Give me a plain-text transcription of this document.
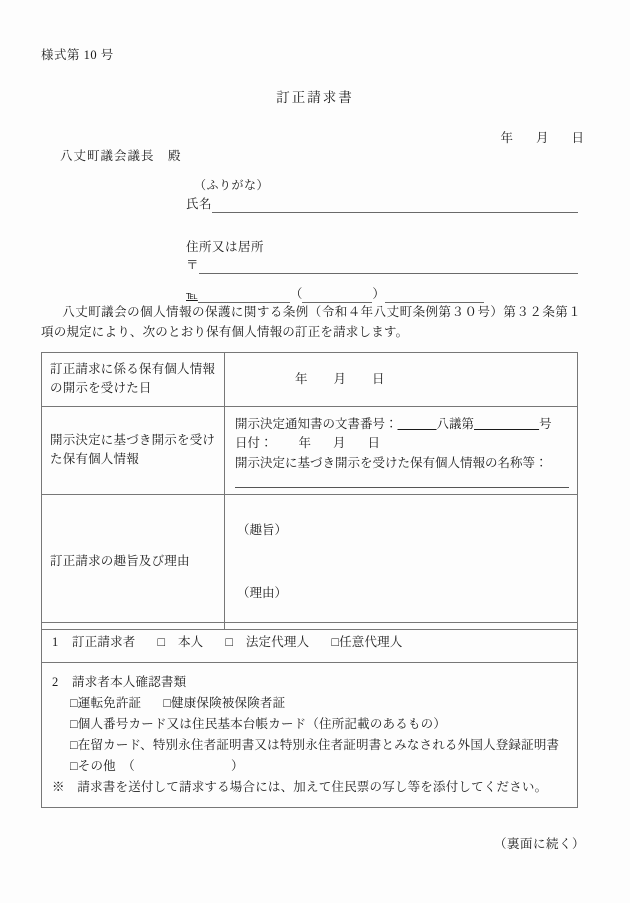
様式第 10 号
訂正請求書
年 月 日
八丈町議会議長　殿
（ふりがな）
氏名
住所又は居所
〒
℡	（	）
八丈町議会の個人情報の保護に関する条例（令和４年八丈町条例第３０号）第３２条第１項の規定により、次のとおり保有個人情報の訂正を請求します。
訂正請求に係る保有個人情報
の開示を受けた日	年 月 日

開示決定に基づき開示を受け
た保有個人情報	開示決定通知書の文書番号：＿＿＿八議第＿＿＿＿＿号
日付： 年 月 日
開示決定に基づき開示を受けた保有個人情報の名称等：

訂正請求の趣旨及び理由	（趣旨）
（理由）
1 訂正請求者 □　本人 □　法定代理人 □任意代理人
2 請求者本人確認書類
□運転免許証 □健康保険被保険者証
□個人番号カード又は住民基本台帳カード（住所記載のあるもの）
□在留カード、特別永住者証明書又は特別永住者証明書とみなされる外国人登録証明書
□その他　（	）
※　請求書を送付して請求する場合には、加えて住民票の写し等を添付してください。
（裏面に続く）
